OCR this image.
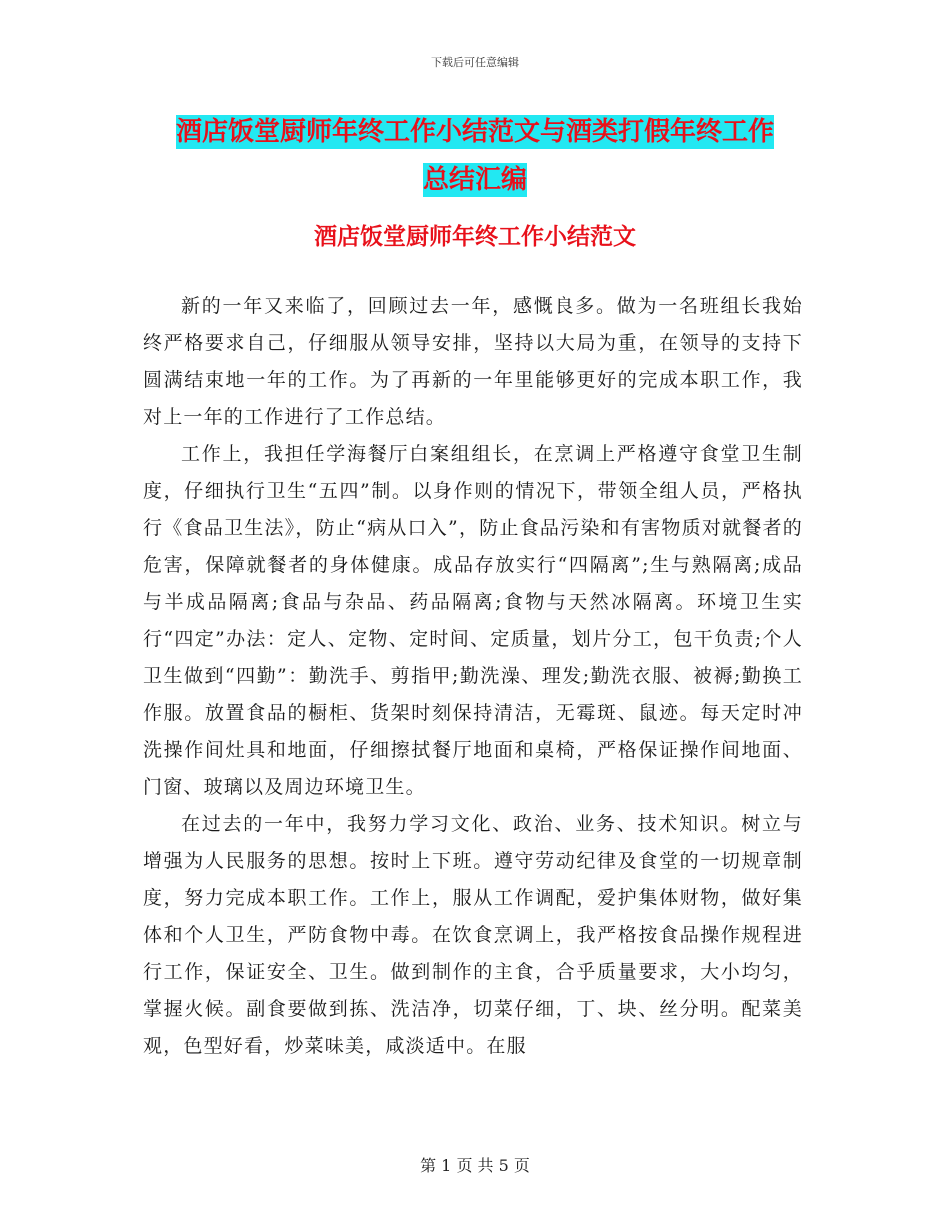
下载后可任意编辑
酒店饭堂厨师年终工作小结范文与酒类打假年终工作
总结汇编
酒店饭堂厨师年终工作小结范文

新的一年又来临了，回顾过去一年，感慨良多。做为一名班组长我始终严格要求自己，仔细服从领导安排，坚持以大局为重，在领导的支持下圆满结束地一年的工作。为了再新的一年里能够更好的完成本职工作，我对上一年的工作进行了工作总结。

工作上，我担任学海餐厅白案组组长，在烹调上严格遵守食堂卫生制度，仔细执行卫生“五四”制。以身作则的情况下，带领全组人员，严格执行《食品卫生法》，防止“病从口入”，防止食品污染和有害物质对就餐者的危害，保障就餐者的身体健康。成品存放实行“四隔离”;生与熟隔离;成品与半成品隔离;食品与杂品、药品隔离;食物与天然冰隔离。环境卫生实行“四定”办法：定人、定物、定时间、定质量，划片分工，包干负责;个人卫生做到“四勤”：勤洗手、剪指甲;勤洗澡、理发;勤洗衣服、被褥;勤换工作服。放置食品的橱柜、货架时刻保持清洁，无霉斑、鼠迹。每天定时冲洗操作间灶具和地面，仔细擦拭餐厅地面和桌椅，严格保证操作间地面、门窗、玻璃以及周边环境卫生。

在过去的一年中，我努力学习文化、政治、业务、技术知识。树立与增强为人民服务的思想。按时上下班。遵守劳动纪律及食堂的一切规章制度，努力完成本职工作。工作上，服从工作调配，爱护集体财物，做好集体和个人卫生，严防食物中毒。在饮食烹调上，我严格按食品操作规程进行工作，保证安全、卫生。做到制作的主食，合乎质量要求，大小均匀，掌握火候。副食要做到拣、洗洁净，切菜仔细，丁、块、丝分明。配菜美观，色型好看，炒菜味美，咸淡适中。在服

第 1 页 共 5 页
